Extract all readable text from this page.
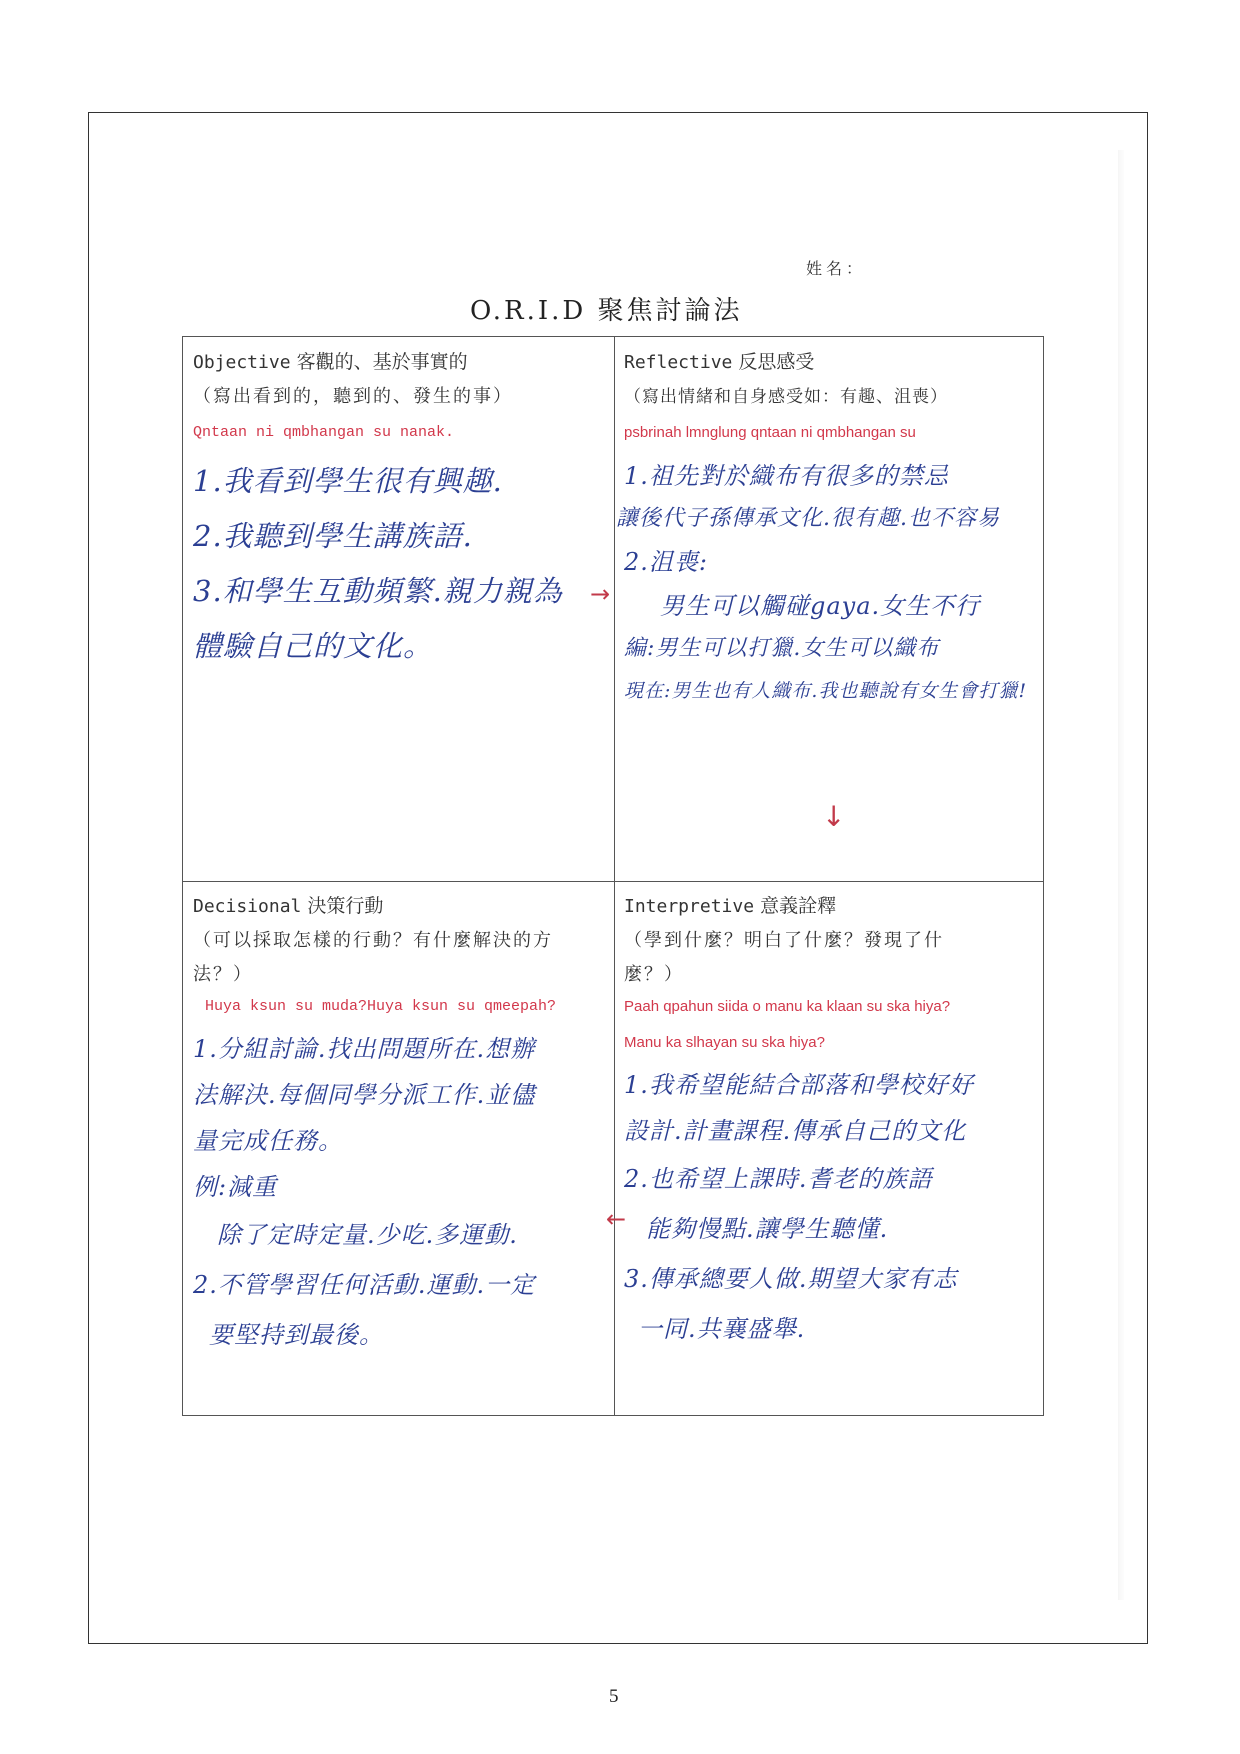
姓名：
O.R.I.D 聚焦討論法
Objective 客觀的、基於事實的
（寫出看到的，聽到的、發生的事）
Qntaan ni qmbhangan su nanak.
1.我看到學生很有興趣.
2.我聽到學生講族語.
3.和學生互動頻繁.親力親為
體驗自己的文化。
Reflective 反思感受
（寫出情緒和自身感受如：有趣、沮喪）
psbrinah lmnglung qntaan ni qmbhangan su
1.祖先對於織布有很多的禁忌
讓後代子孫傳承文化.很有趣.也不容易
2.沮喪:
男生可以觸碰gaya.女生不行
編:男生可以打獵.女生可以織布
現在:男生也有人織布.我也聽說有女生會打獵!
Decisional 決策行動
（可以採取怎樣的行動？有什麼解決的方
法？）
Huya ksun su muda?Huya ksun su qmeepah?
1.分組討論.找出問題所在.想辦
法解決.每個同學分派工作.並儘
量完成任務。
例:減重
除了定時定量.少吃.多運動.
2.不管學習任何活動.運動.一定
要堅持到最後。
Interpretive 意義詮釋
（學到什麼？明白了什麼？發現了什
麼？）
Paah qpahun siida o manu ka klaan su ska hiya?
Manu ka slhayan su ska hiya?
1.我希望能結合部落和學校好好
設計.計畫課程.傳承自己的文化
2.也希望上課時.耆老的族語
能夠慢點.讓學生聽懂.
3.傳承總要人做.期望大家有志
一同.共襄盛舉.
→
↓
←
5
